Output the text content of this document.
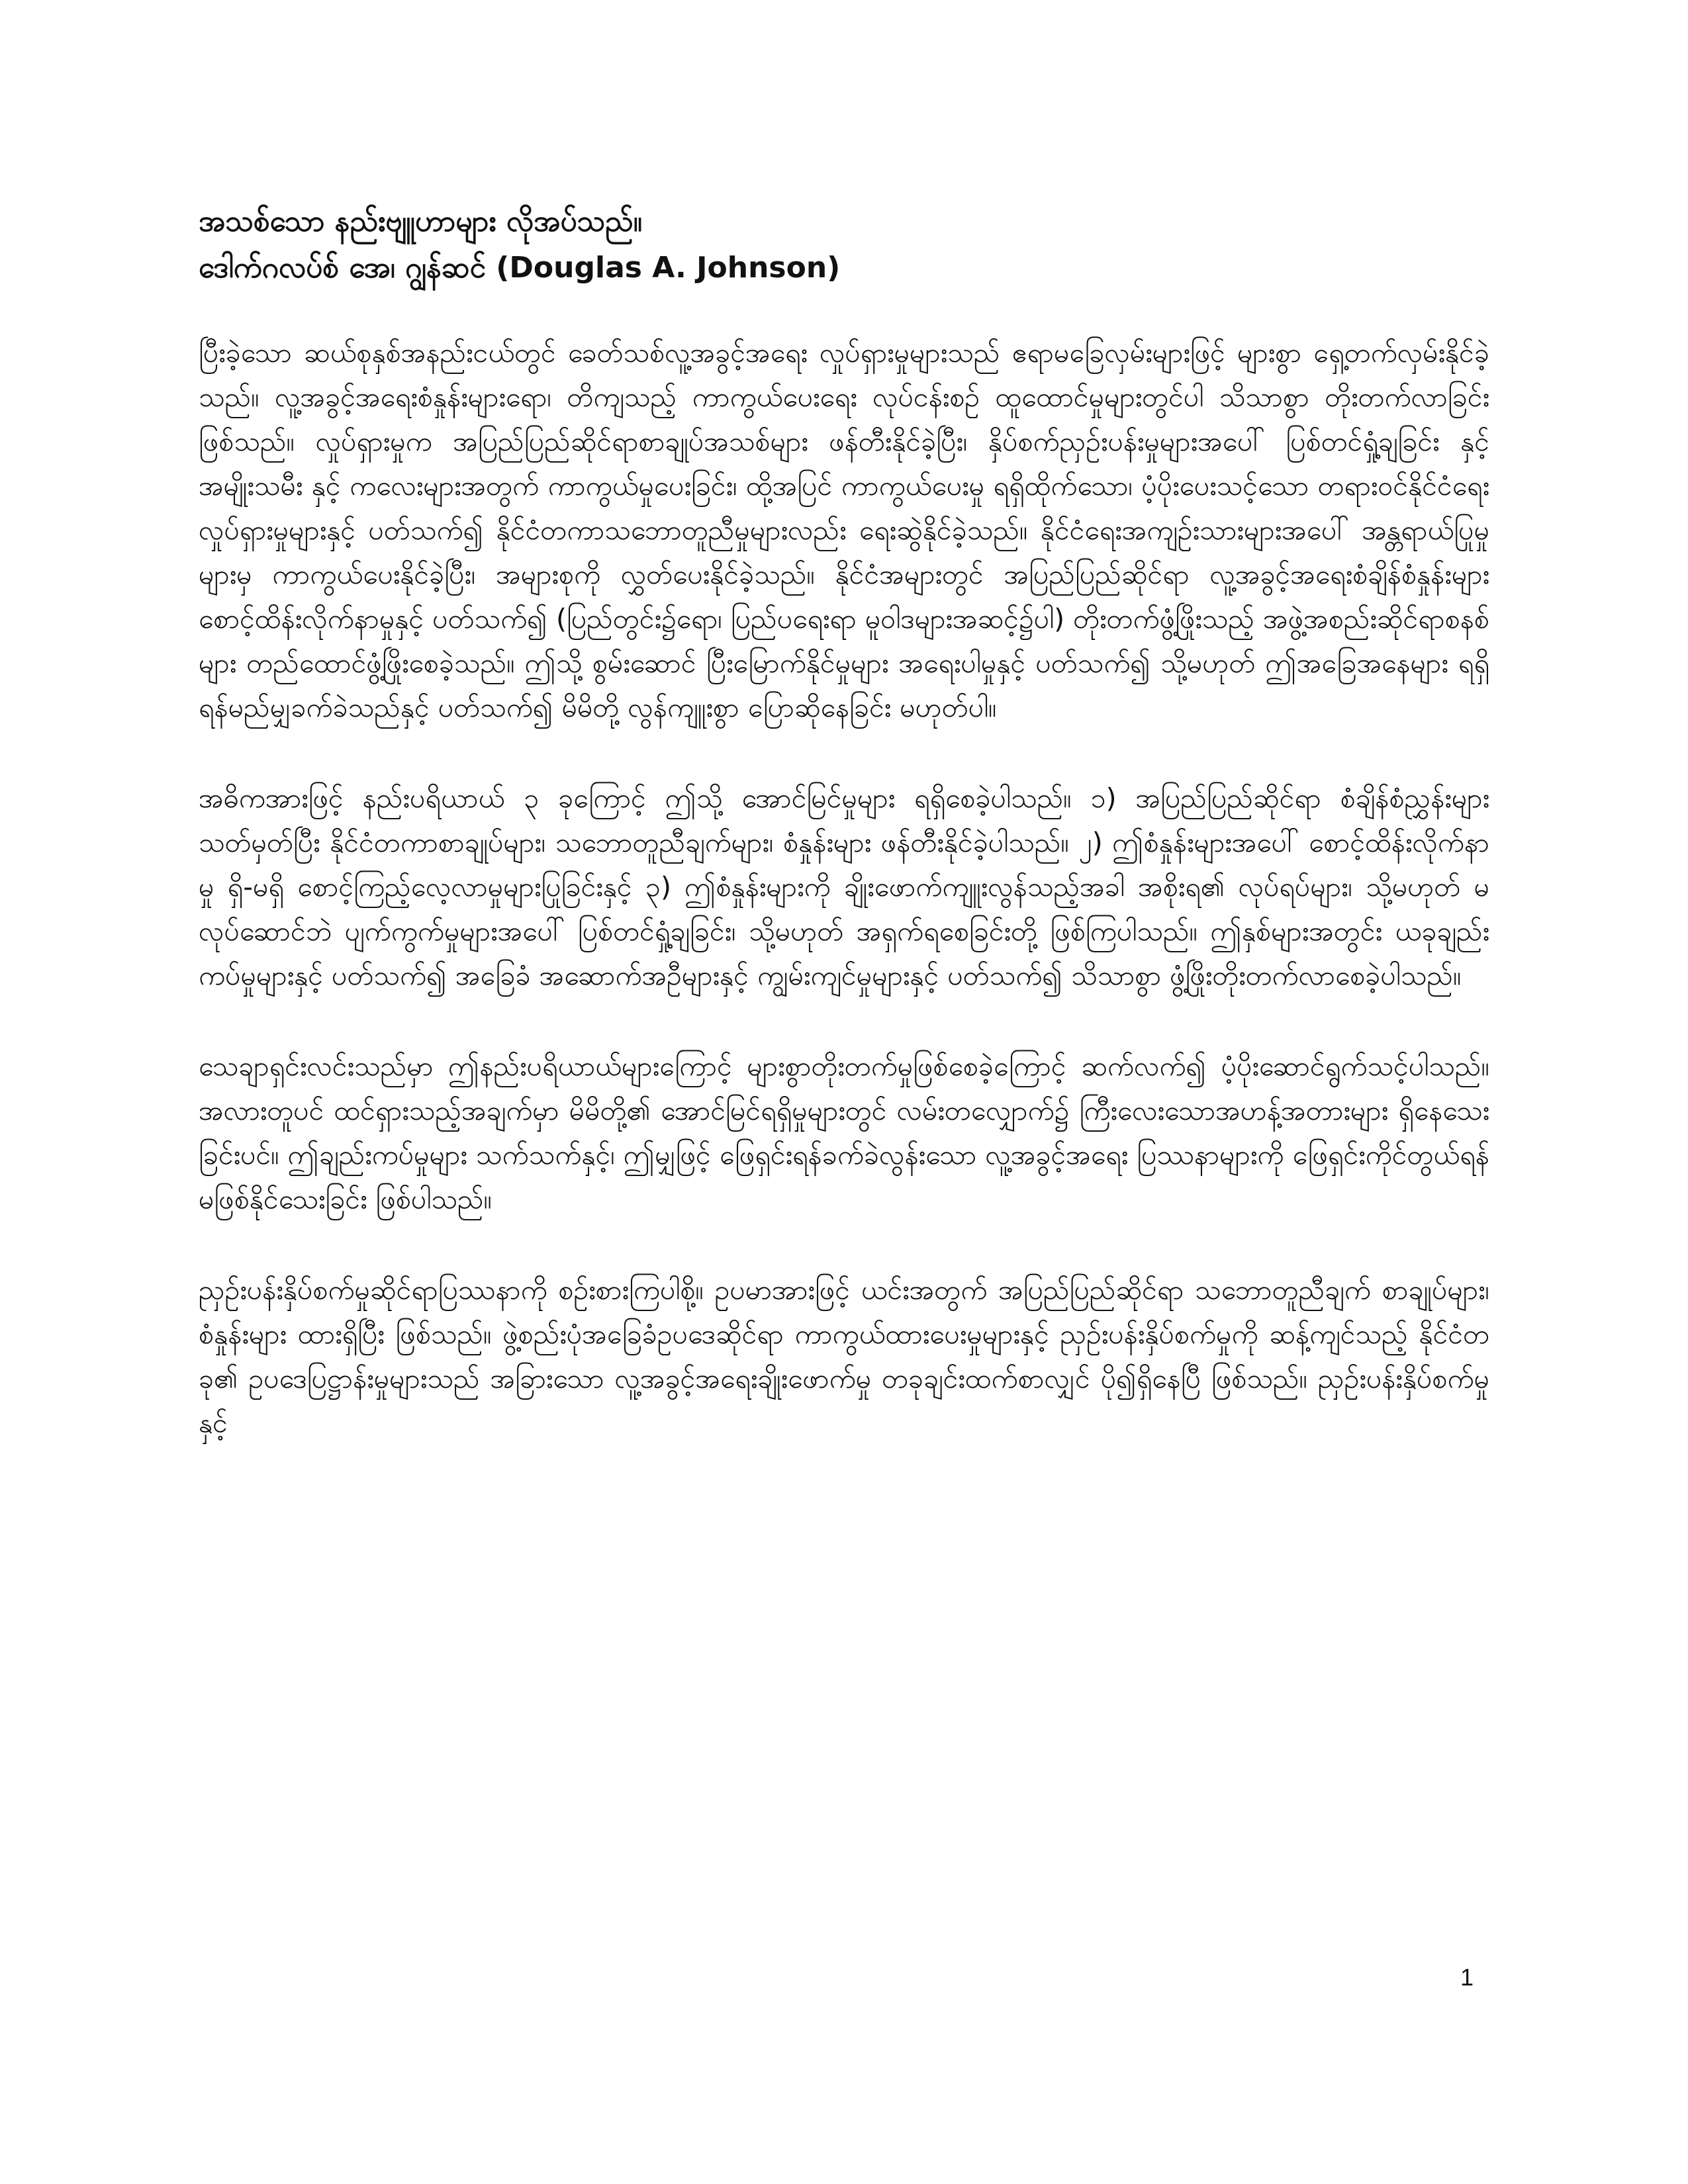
အသစ်သော နည်းဗျူဟာများ လိုအပ်သည်။
ဒေါက်ဂလပ်စ် အေ၊ ဂျွန်ဆင် (Douglas A. Johnson)

ပြီးခဲ့သော ဆယ်စုနှစ်အနည်းငယ်တွင် ခေတ်သစ်လူ့အခွင့်အရေး လှုပ်ရှားမှုများသည် ဧရာမခြေလှမ်းများဖြင့် များစွာ ရှေ့တက်လှမ်းနိုင်ခဲ့သည်။ လူ့အခွင့်အရေးစံနှုန်းများရော၊ တိကျသည့် ကာကွယ်ပေးရေး လုပ်ငန်းစဉ် ထူထောင်မှုများတွင်ပါ သိသာစွာ တိုးတက်လာခြင်းဖြစ်သည်။ လှုပ်ရှားမှုက အပြည်ပြည်ဆိုင်ရာစာချုပ်အသစ်များ ဖန်တီးနိုင်ခဲ့ပြီး၊ နှိပ်စက်ညှဉ်းပန်းမှုများအပေါ် ပြစ်တင်ရှုံ့ချခြင်း နှင့် အမျိုးသမီး နှင့် ကလေးများအတွက် ကာကွယ်မှုပေးခြင်း၊ ထို့အပြင် ကာကွယ်ပေးမှု ရရှိထိုက်သော၊ ပံ့ပိုးပေးသင့်သော တရားဝင်နိုင်ငံရေးလှုပ်ရှားမှုများနှင့် ပတ်သက်၍ နိုင်ငံတကာသဘောတူညီမှုများလည်း ရေးဆွဲနိုင်ခဲ့သည်။ နိုင်ငံရေးအကျဉ်းသားများအပေါ် အန္တရာယ်ပြုမှုများမှ ကာကွယ်ပေးနိုင်ခဲ့ပြီး၊ အများစုကို လွှတ်ပေးနိုင်ခဲ့သည်။ နိုင်ငံအများတွင် အပြည်ပြည်ဆိုင်ရာ လူ့အခွင့်အရေးစံချိန်စံနှုန်းများ စောင့်ထိန်းလိုက်နာမှုနှင့် ပတ်သက်၍ (ပြည်တွင်း၌ရော၊ ပြည်ပရေးရာ မူဝါဒများအဆင့်၌ပါ) တိုးတက်ဖွံ့ဖြိုးသည့် အဖွဲ့အစည်းဆိုင်ရာစနစ်များ တည်ထောင်ဖွံ့ဖြိုးစေခဲ့သည်။ ဤသို့ စွမ်းဆောင် ပြီးမြောက်နိုင်မှုများ အရေးပါမှုနှင့် ပတ်သက်၍ သို့မဟုတ် ဤအခြေအနေများ ရရှိရန်မည်မျှခက်ခဲသည်နှင့် ပတ်သက်၍ မိမိတို့ လွန်ကျူးစွာ ပြောဆိုနေခြင်း မဟုတ်ပါ။

အဓိကအားဖြင့် နည်းပရိယာယ် ၃ ခုကြောင့် ဤသို့ အောင်မြင်မှုများ ရရှိစေခဲ့ပါသည်။ ၁) အပြည်ပြည်ဆိုင်ရာ စံချိန်စံညွှန်းများ သတ်မှတ်ပြီး နိုင်ငံတကာစာချုပ်များ၊ သဘောတူညီချက်များ၊ စံနှုန်းများ ဖန်တီးနိုင်ခဲ့ပါသည်။ ၂) ဤစံနှုန်းများအပေါ် စောင့်ထိန်းလိုက်နာမှု ရှိ-မရှိ စောင့်ကြည့်လေ့လာမှုများပြုခြင်းနှင့် ၃) ဤစံနှုန်းများကို ချိုးဖောက်ကျူးလွန်သည့်အခါ အစိုးရ၏ လုပ်ရပ်များ၊ သို့မဟုတ် မလုပ်ဆောင်ဘဲ ပျက်ကွက်မှုများအပေါ် ပြစ်တင်ရှုံ့ချခြင်း၊ သို့မဟုတ် အရှက်ရစေခြင်းတို့ ဖြစ်ကြပါသည်။ ဤနှစ်များအတွင်း ယခုချည်းကပ်မှုများနှင့် ပတ်သက်၍ အခြေခံ အဆောက်အဦများနှင့် ကျွမ်းကျင်မှုများနှင့် ပတ်သက်၍ သိသာစွာ ဖွံ့ဖြိုးတိုးတက်လာစေခဲ့ပါသည်။

သေချာရှင်းလင်းသည်မှာ ဤနည်းပရိယာယ်များကြောင့် များစွာတိုးတက်မှုဖြစ်စေခဲ့ကြောင့် ဆက်လက်၍ ပံ့ပိုးဆောင်ရွက်သင့်ပါသည်။ အလားတူပင် ထင်ရှားသည့်အချက်မှာ မိမိတို့၏ အောင်မြင်ရရှိမှုများတွင် လမ်းတလျှောက်၌ ကြီးလေးသောအဟန့်အတားများ ရှိနေသေးခြင်းပင်။ ဤချည်းကပ်မှုများ သက်သက်နှင့်၊ ဤမျှဖြင့် ဖြေရှင်းရန်ခက်ခဲလွန်းသော လူ့အခွင့်အရေး ပြဿနာများကို ဖြေရှင်းကိုင်တွယ်ရန် မဖြစ်နိုင်သေးခြင်း ဖြစ်ပါသည်။

ညှဉ်းပန်းနှိပ်စက်မှုဆိုင်ရာပြဿနာကို စဉ်းစားကြပါစို့။ ဥပမာအားဖြင့် ယင်းအတွက် အပြည်ပြည်ဆိုင်ရာ သဘောတူညီချက် စာချုပ်များ၊ စံနှုန်းများ ထားရှိပြီး ဖြစ်သည်။ ဖွဲ့စည်းပုံအခြေခံဥပဒေဆိုင်ရာ ကာကွယ်ထားပေးမှုများနှင့် ညှဉ်းပန်းနှိပ်စက်မှုကို ဆန့်ကျင်သည့် နိုင်ငံတခု၏ ဥပဒေပြဋ္ဌာန်းမှုများသည် အခြားသော လူ့အခွင့်အရေးချိုးဖောက်မှု တခုချင်းထက်စာလျှင် ပို၍ရှိနေပြီ ဖြစ်သည်။ ညှဉ်းပန်းနှိပ်စက်မှုနှင့်

1
